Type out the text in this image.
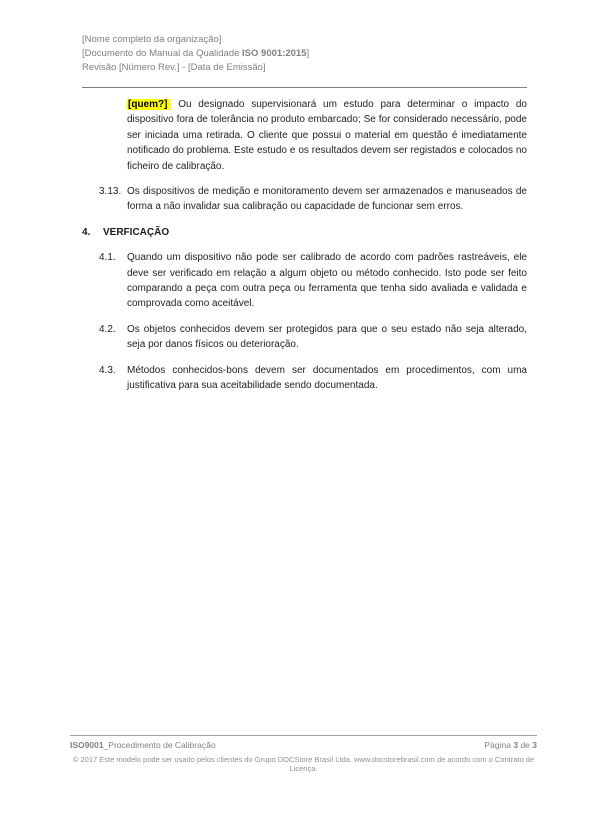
[Nome completo da organização]
[Documento do Manual da Qualidade ISO 9001:2015]
Revisão [Número Rev.] - [Data de Emissão]

[quem?] Ou designado supervisionará um estudo para determinar o impacto do dispositivo fora de tolerância no produto embarcado; Se for considerado necessário, pode ser iniciada uma retirada. O cliente que possui o material em questão é imediatamente notificado do problema. Este estudo e os resultados devem ser registados e colocados no ficheiro de calibração.

3.13. Os dispositivos de medição e monitoramento devem ser armazenados e manuseados de forma a não invalidar sua calibração ou capacidade de funcionar sem erros.
4.	VERFICAÇÃO
4.1.	Quando um dispositivo não pode ser calibrado de acordo com padrões rastreáveis, ele deve ser verificado em relação a algum objeto ou método conhecido. Isto pode ser feito comparando a peça com outra peça ou ferramenta que tenha sido avaliada e validada e comprovada como aceitável.
4.2.	Os objetos conhecidos devem ser protegidos para que o seu estado não seja alterado, seja por danos físicos ou deterioração.
4.3.	Métodos conhecidos-bons devem ser documentados em procedimentos, com uma justificativa para sua aceitabilidade sendo documentada.
ISO9001_Procedimento de Calibração	Página 3 de 3
© 2017 Este modelo pode ser usado pelos clientes do Grupo DOCStore Brasil Ltda. www.docstorebrasil.com de acordo com o Contrato de Licença.
